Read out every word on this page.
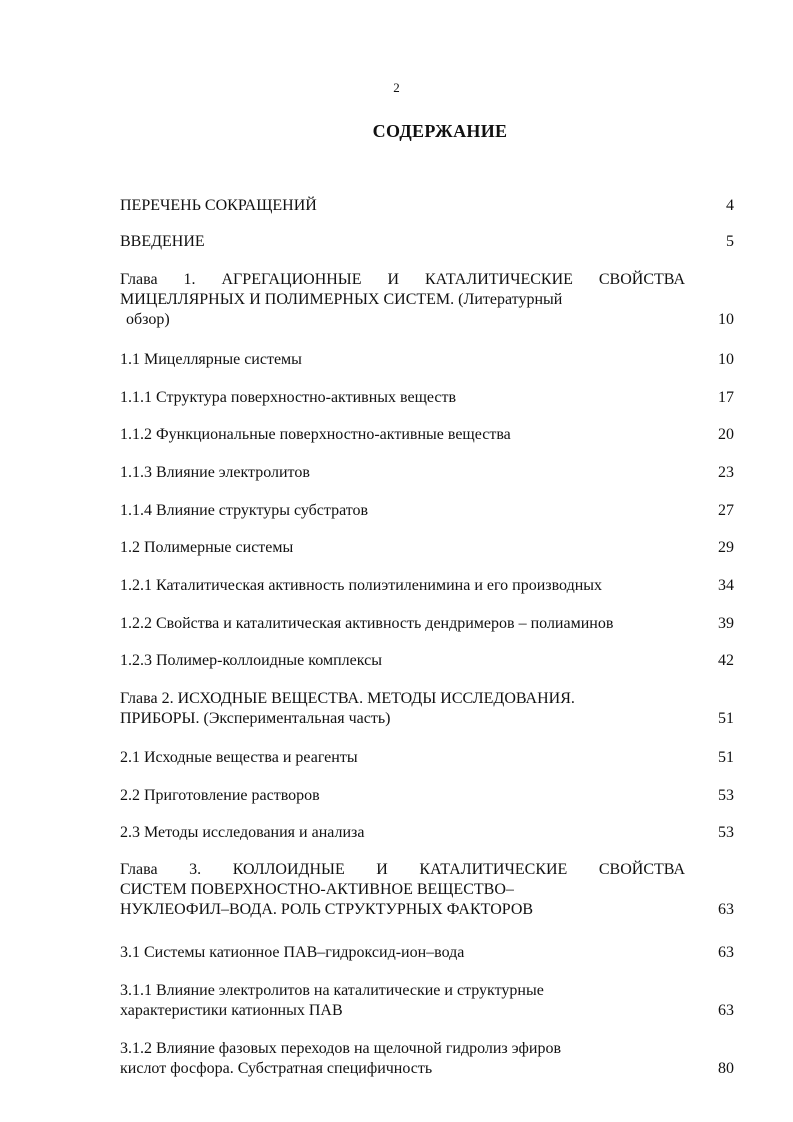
2
СОДЕРЖАНИЕ
ПЕРЕЧЕНЬ СОКРАЩЕНИЙ	4
ВВЕДЕНИЕ	5
Глава 1. АГРЕГАЦИОННЫЕ И КАТАЛИТИЧЕСКИЕ СВОЙСТВА
МИЦЕЛЛЯРНЫХ И ПОЛИМЕРНЫХ СИСТЕМ. (Литературный
обзор)	10
1.1 Мицеллярные системы	10
1.1.1 Структура поверхностно-активных веществ	17
1.1.2 Функциональные поверхностно-активные вещества	20
1.1.3 Влияние электролитов	23
1.1.4 Влияние структуры субстратов	27
1.2 Полимерные системы	29
1.2.1 Каталитическая активность полиэтиленимина и его производных	34
1.2.2 Свойства и каталитическая активность дендримеров – полиаминов	39
1.2.3 Полимер-коллоидные комплексы	42
Глава 2. ИСХОДНЫЕ ВЕЩЕСТВА. МЕТОДЫ ИССЛЕДОВАНИЯ.
ПРИБОРЫ. (Экспериментальная часть)	51
2.1 Исходные вещества и реагенты	51
2.2 Приготовление растворов	53
2.3 Методы исследования и анализа	53
Глава 3. КОЛЛОИДНЫЕ И КАТАЛИТИЧЕСКИЕ СВОЙСТВА
СИСТЕМ ПОВЕРХНОСТНО-АКТИВНОЕ ВЕЩЕСТВО–
НУКЛЕОФИЛ–ВОДА. РОЛЬ СТРУКТУРНЫХ ФАКТОРОВ	63
3.1 Системы катионное ПАВ–гидроксид-ион–вода	63
3.1.1 Влияние электролитов на каталитические и структурные
характеристики катионных ПАВ	63
3.1.2 Влияние фазовых переходов на щелочной гидролиз эфиров
кислот фосфора. Субстратная специфичность	80
